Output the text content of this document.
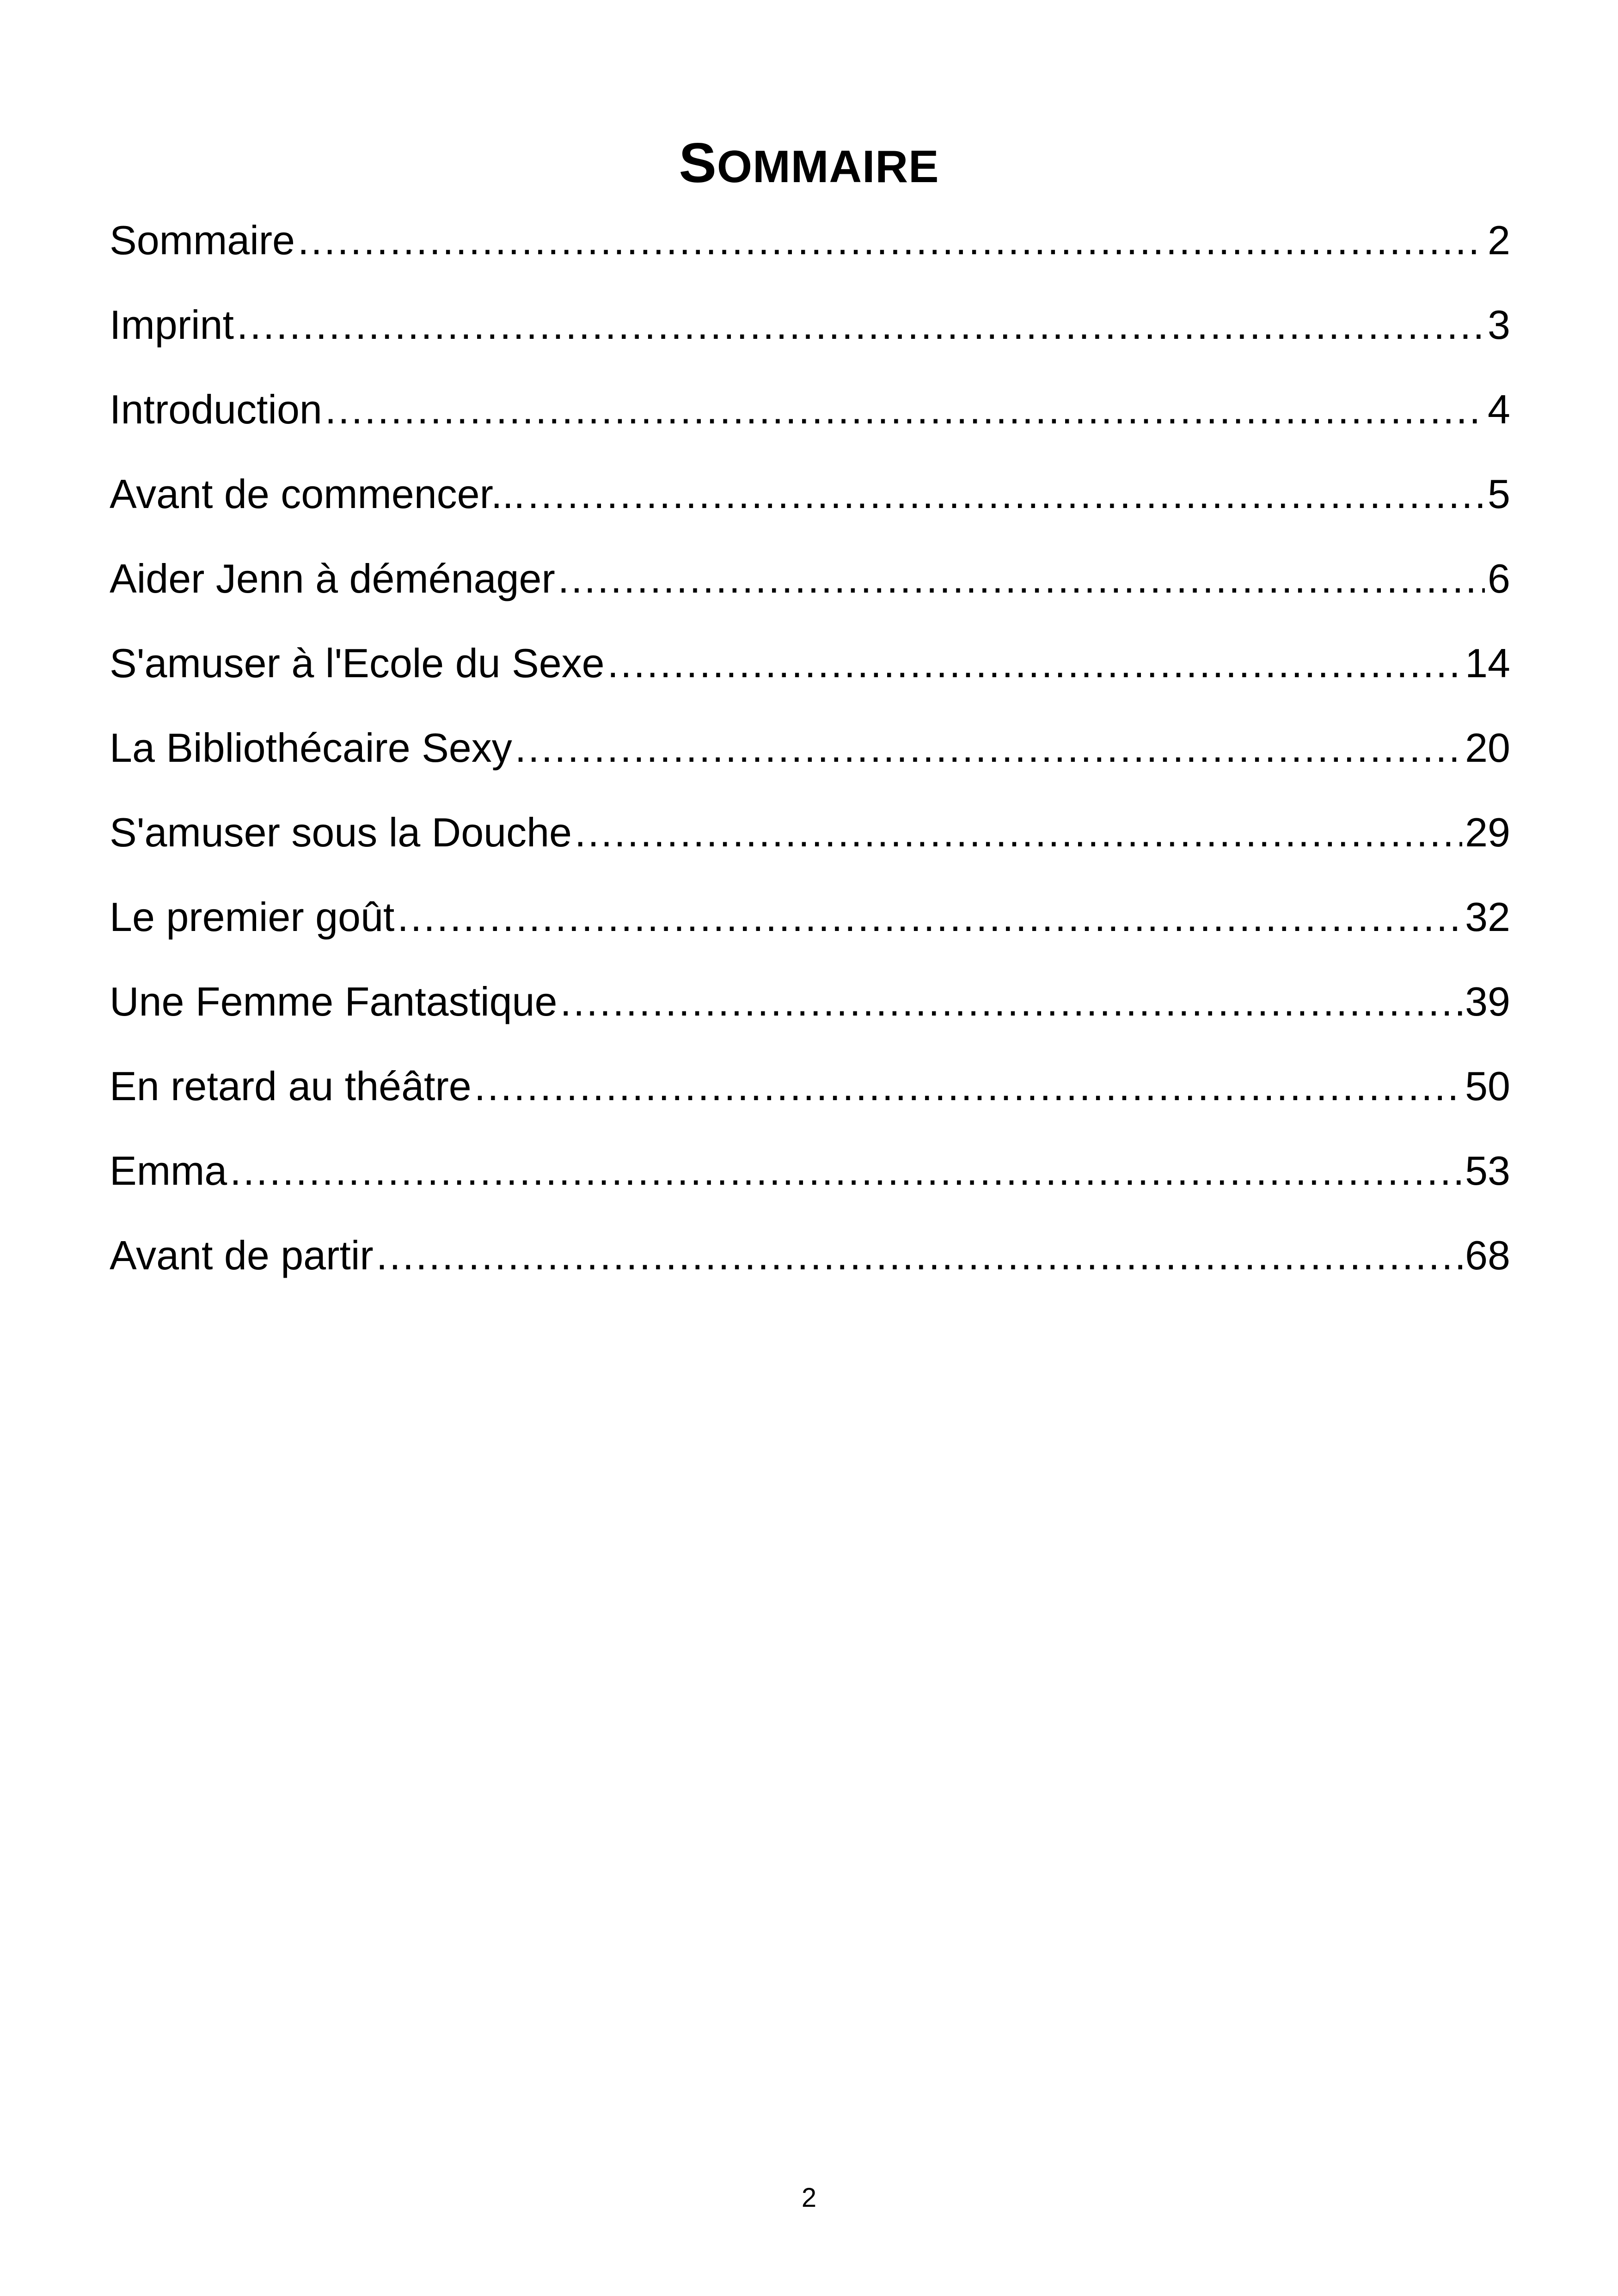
SOMMAIRE
Sommaire .....	2
Imprint .....	3
Introduction .....	4
Avant de commencer... .....	5
Aider Jenn à déménager .....	6
S'amuser à l'Ecole du Sexe .....	14
La Bibliothécaire Sexy .....	20
S'amuser sous la Douche .....	29
Le premier goût .....	32
Une Femme Fantastique .....	39
En retard au théâtre .....	50
Emma .....	53
Avant de partir .....	68
2
